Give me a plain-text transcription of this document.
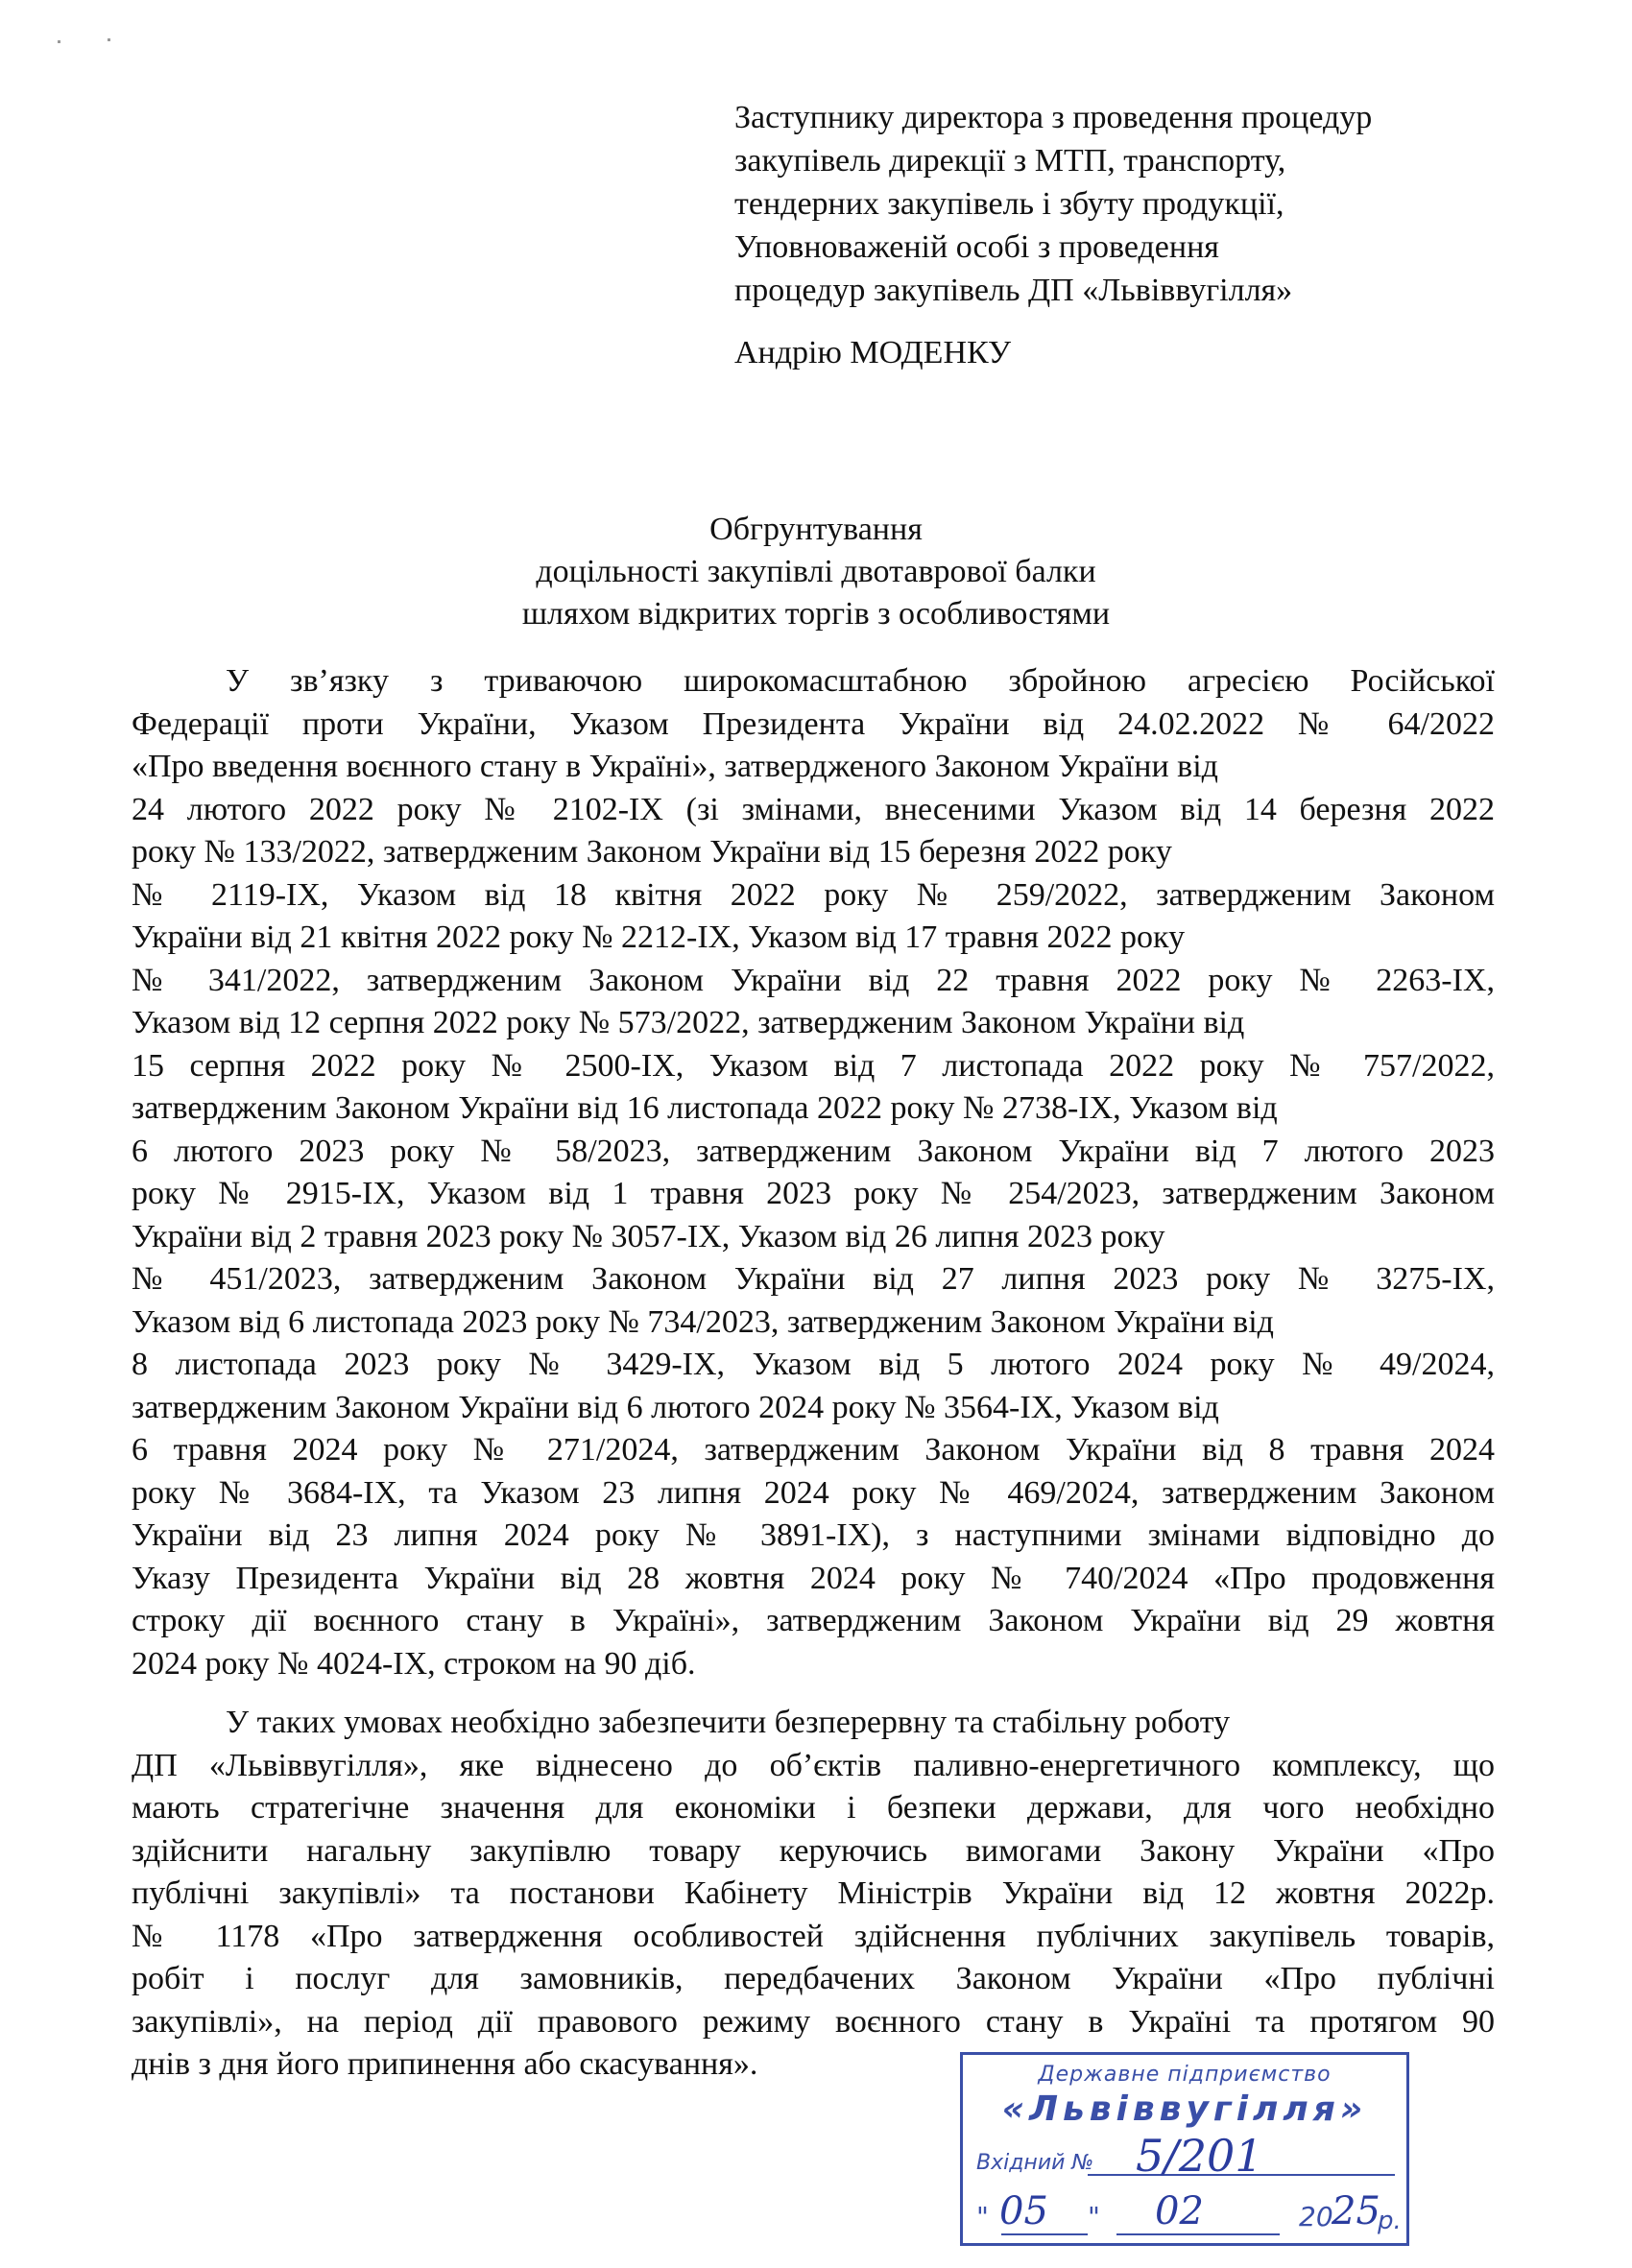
Заступнику директора з проведення процедур
закупівель дирекції з МТП, транспорту,
тендерних закупівель і збуту продукції,
Уповноваженій особі з проведення
процедур закупівель ДП «Львіввугілля»
Андрію МОДЕНКУ
Обгрунтування
доцільності закупівлі двотаврової балки
шляхом відкритих торгів з особливостями
У зв’язку з триваючою широкомасштабною збройною агресією Російської
Федерації проти України, Указом Президента України від 24.02.2022 № 64/2022
«Про введення воєнного стану в Україні», затвердженого Законом України від
24 лютого 2022 року № 2102-IX (зі змінами, внесеними Указом від 14 березня 2022
року № 133/2022, затвердженим Законом України від 15 березня 2022 року
№ 2119-IX, Указом від 18 квітня 2022 року № 259/2022, затвердженим Законом
України від 21 квітня 2022 року № 2212-IX, Указом від 17 травня 2022 року
№ 341/2022, затвердженим Законом України від 22 травня 2022 року № 2263-IX,
Указом від 12 серпня 2022 року № 573/2022, затвердженим Законом України від
15 серпня 2022 року № 2500-IX, Указом від 7 листопада 2022 року № 757/2022,
затвердженим Законом України від 16 листопада 2022 року № 2738-IX, Указом від
6 лютого 2023 року № 58/2023, затвердженим Законом України від 7 лютого 2023
року № 2915-IX, Указом від 1 травня 2023 року № 254/2023, затвердженим Законом
України від 2 травня 2023 року № 3057-IX, Указом від 26 липня 2023 року
№ 451/2023, затвердженим Законом України від 27 липня 2023 року № 3275-IX,
Указом від 6 листопада 2023 року № 734/2023, затвердженим Законом України від
8 листопада 2023 року № 3429-IX, Указом від 5 лютого 2024 року № 49/2024,
затвердженим Законом України від 6 лютого 2024 року № 3564-IX, Указом від
6 травня 2024 року № 271/2024, затвердженим Законом України від 8 травня 2024
року № 3684-IX, та Указом 23 липня 2024 року № 469/2024, затвердженим Законом
України від 23 липня 2024 року № 3891-IX), з наступними змінами відповідно до
Указу Президента України від 28 жовтня 2024 року № 740/2024 «Про продовження
строку дії воєнного стану в Україні», затвердженим Законом України від 29 жовтня
2024 року № 4024-IX, строком на 90 діб.
У таких умовах необхідно забезпечити безперервну та стабільну роботу
ДП «Львіввугілля», яке віднесено до об’єктів паливно-енергетичного комплексу, що
мають стратегічне значення для економіки і безпеки держави, для чого необхідно
здійснити нагальну закупівлю товару керуючись вимогами Закону України «Про
публічні закупівлі» та постанови Кабінету Міністрів України від 12 жовтня 2022р.
№ 1178 «Про затвердження особливостей здійснення публічних закупівель товарів,
робіт і послуг для замовників, передбачених Законом України «Про публічні
закупівлі», на період дії правового режиму воєнного стану в Україні та протягом 90
днів з дня його припинення або скасування».	Державне підприємство
«Львіввугілля»
Вхідний № 5/201
" 05 " 02	20
25
р.
